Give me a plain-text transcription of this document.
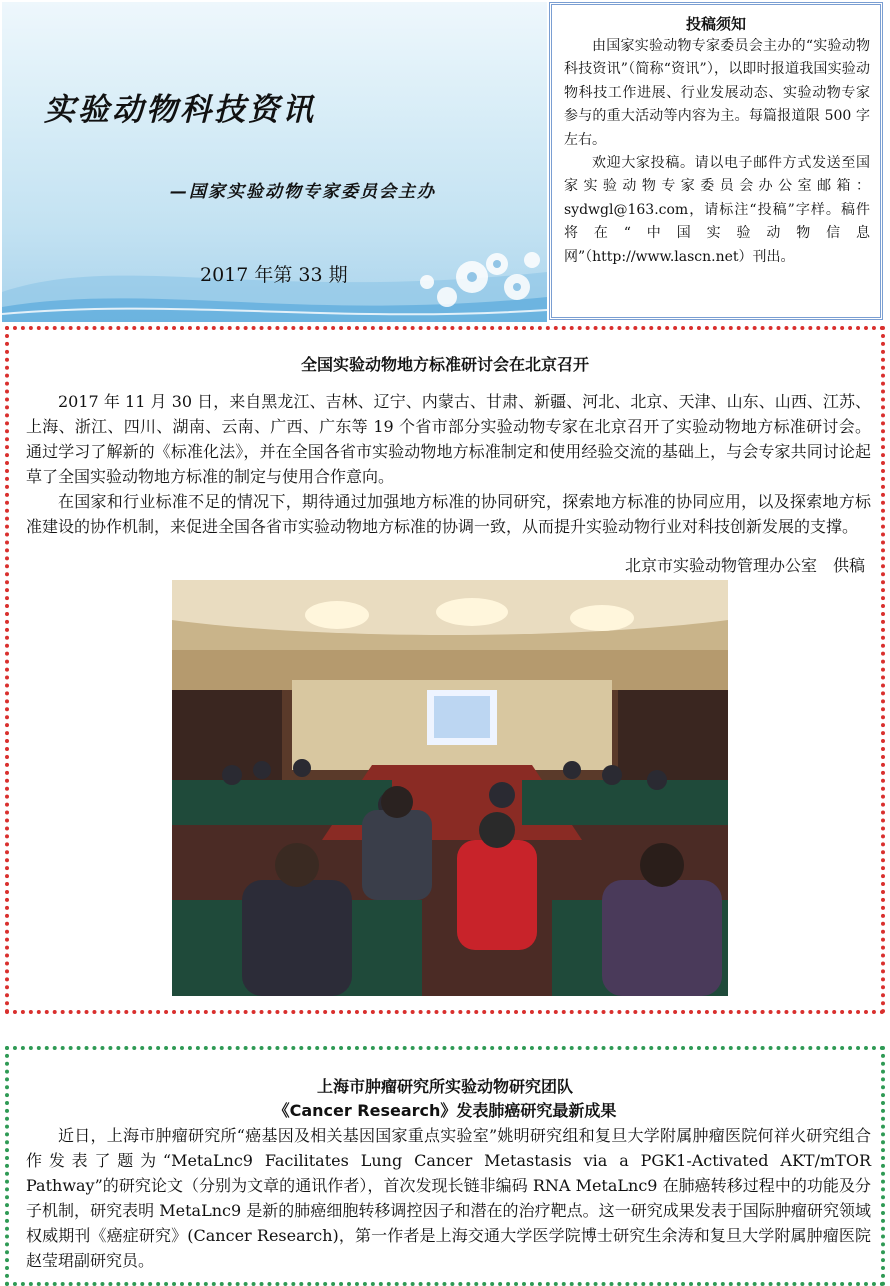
实验动物科技资讯
—国家实验动物专家委员会主办
2017 年第 33 期
投稿须知

由国家实验动物专家委员会主办的“实验动物科技资讯”（简称“资讯”），以即时报道我国实验动物科技工作进展、行业发展动态、实验动物专家参与的重大活动等内容为主。每篇报道限 500 字左右。

欢迎大家投稿。请以电子邮件方式发送至国家实验动物专家委员会办公室邮箱：sydwgl@163.com，请标注“投稿”字样。稿件将在“中国实验动物信息网”（http://www.lascn.net）刊出。

全国实验动物地方标准研讨会在北京召开

2017 年 11 月 30 日，来自黑龙江、吉林、辽宁、内蒙古、甘肃、新疆、河北、北京、天津、山东、山西、江苏、上海、浙江、四川、湖南、云南、广西、广东等 19 个省市部分实验动物专家在北京召开了实验动物地方标准研讨会。通过学习了解新的《标准化法》，并在全国各省市实验动物地方标准制定和使用经验交流的基础上，与会专家共同讨论起草了全国实验动物地方标准的制定与使用合作意向。

在国家和行业标准不足的情况下，期待通过加强地方标准的协同研究，探索地方标准的协同应用，以及探索地方标准建设的协作机制，来促进全国各省市实验动物地方标准的协调一致，从而提升实验动物行业对科技创新发展的支撑。

北京市实验动物管理办公室　供稿
上海市肿瘤研究所实验动物研究团队
《Cancer Research》发表肺癌研究最新成果

近日，上海市肿瘤研究所“癌基因及相关基因国家重点实验室”姚明研究组和复旦大学附属肿瘤医院何祥火研究组合作发表了题为“MetaLnc9 Facilitates Lung Cancer Metastasis via a PGK1-Activated AKT/mTOR Pathway”的研究论文（分别为文章的通讯作者），首次发现长链非编码 RNA MetaLnc9 在肺癌转移过程中的功能及分子机制，研究表明 MetaLnc9 是新的肺癌细胞转移调控因子和潜在的治疗靶点。这一研究成果发表于国际肿瘤研究领域权威期刊《癌症研究》(Cancer Research)，第一作者是上海交通大学医学院博士研究生余涛和复旦大学附属肿瘤医院赵莹珺副研究员。
